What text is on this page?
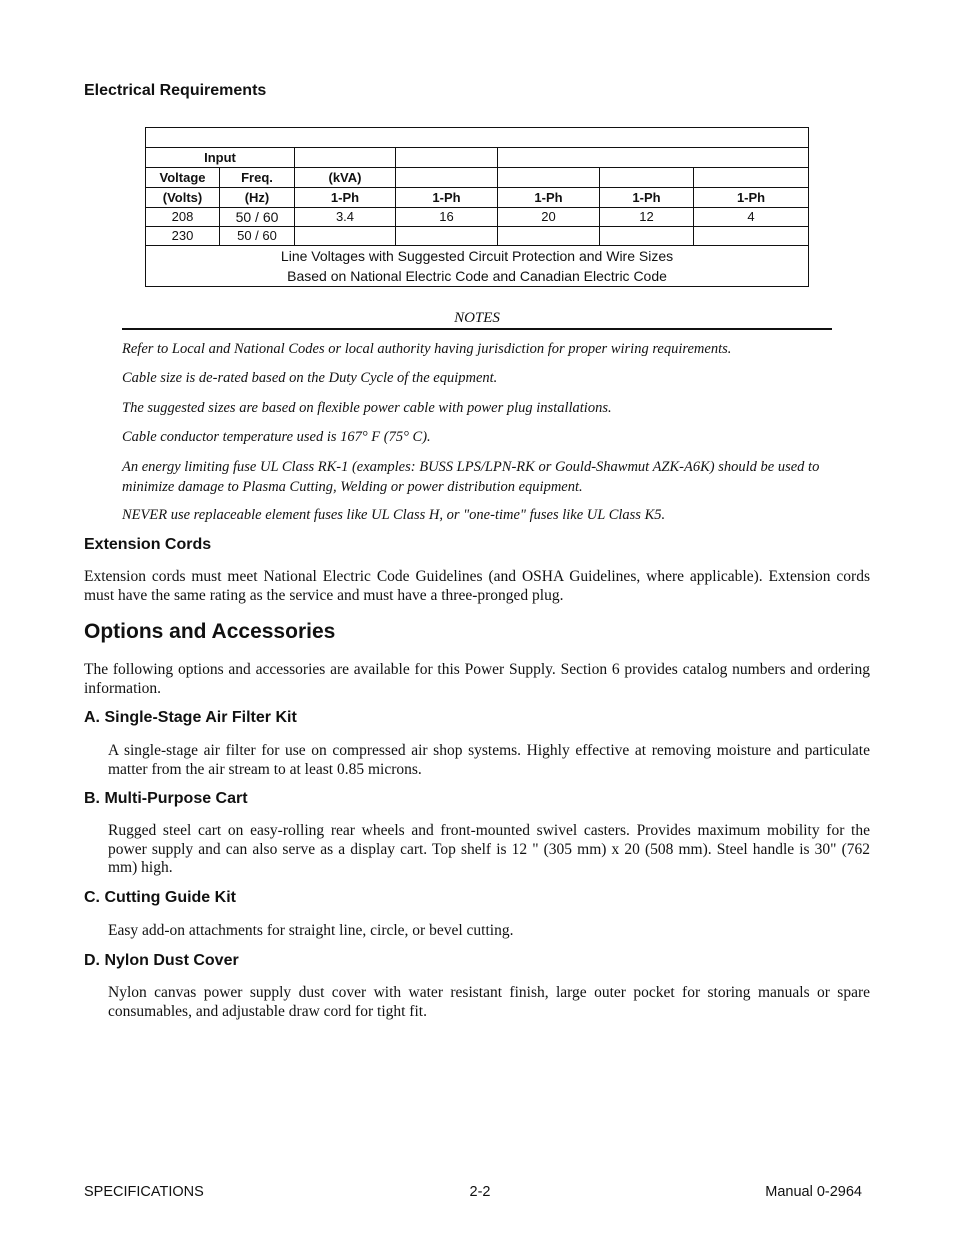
Electrical Requirements

Input						
Voltage	Freq.	(kVA)				
(Volts)	(Hz)	1-Ph	1-Ph	1-Ph	1-Ph	1-Ph
208	50 / 60	3.4	16	20	12	4
230	50 / 60					

Line Voltages with Suggested Circuit Protection and Wire Sizes
Based on National Electric Code and Canadian Electric Code						
NOTES

Refer to Local and National Codes or local authority having jurisdiction for proper wiring requirements.

Cable size is de-rated based on the Duty Cycle of the equipment.

The suggested sizes are based on flexible power cable with power plug installations.

Cable conductor temperature used is 167° F (75° C).

An energy limiting fuse UL Class RK-1 (examples: BUSS LPS/LPN-RK or Gould-Shawmut AZK-A6K) should be used to minimize damage to Plasma Cutting, Welding or power distribution equipment.

NEVER use replaceable element fuses like UL Class H, or "one-time" fuses like UL Class K5.

Extension Cords

Extension cords must meet National Electric Code Guidelines (and OSHA Guidelines, where applicable). Extension cords must have the same rating as the service and must have a three-pronged plug.

Options and Accessories

The following options and accessories are available for this Power Supply. Section 6 provides catalog numbers and ordering information.

A. Single-Stage Air Filter Kit

A single-stage air filter for use on compressed air shop systems. Highly effective at removing moisture and particulate matter from the air stream to at least 0.85 microns.

B. Multi-Purpose Cart

Rugged steel cart on easy-rolling rear wheels and front-mounted swivel casters. Provides maximum mobility for the power supply and can also serve as a display cart. Top shelf is 12 " (305 mm) x 20 (508 mm). Steel handle is 30" (762 mm) high.

C. Cutting Guide Kit

Easy add-on attachments for straight line, circle, or bevel cutting.

D. Nylon Dust Cover

Nylon canvas power supply dust cover with water resistant finish, large outer pocket for storing manuals or spare consumables, and adjustable draw cord for tight fit.

SPECIFICATIONS	2-2	Manual 0-2964
